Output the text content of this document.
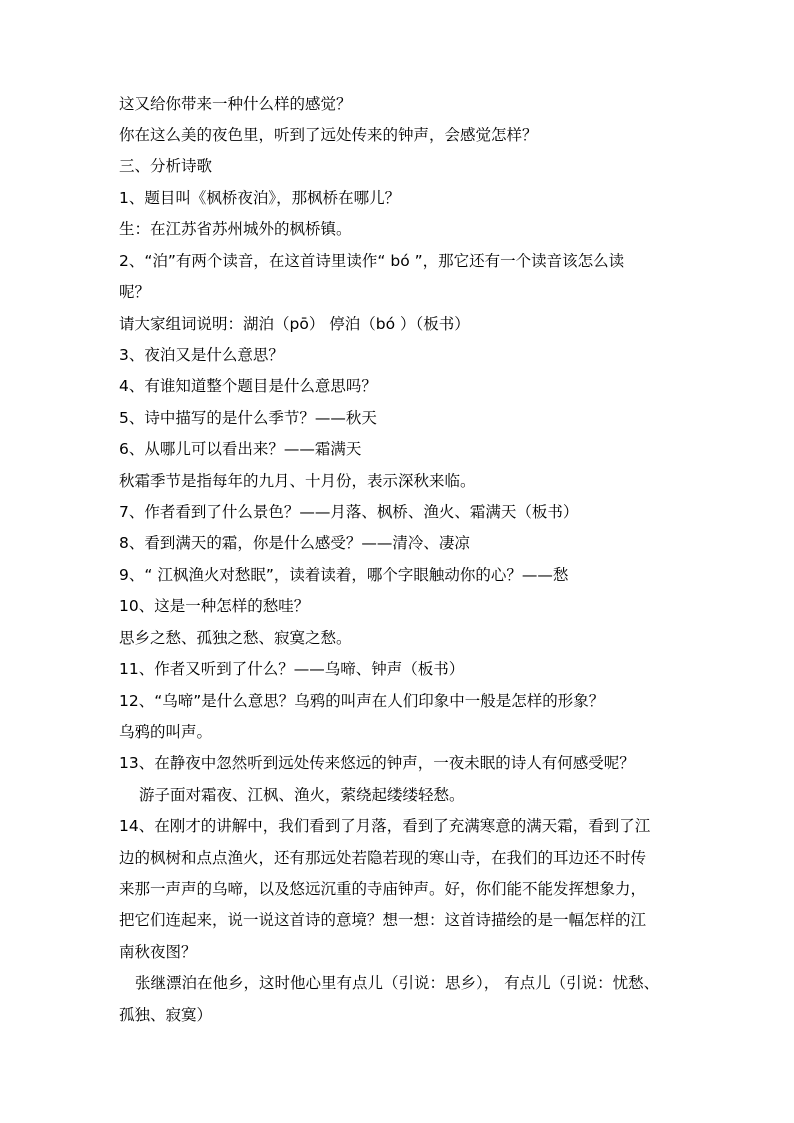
这又给你带来一种什么样的感觉？
你在这么美的夜色里，听到了远处传来的钟声，会感觉怎样？
三、分析诗歌
1、题目叫《枫桥夜泊》，那枫桥在哪儿？
生：在江苏省苏州城外的枫桥镇。
2、“泊”有两个读音，在这首诗里读作“ bó ”，那它还有一个读音该怎么读
呢？
请大家组词说明：湖泊（pō） 停泊（bó ）（板书）
3、夜泊又是什么意思？
4、有谁知道整个题目是什么意思吗？
5、诗中描写的是什么季节？——秋天
6、从哪儿可以看出来？——霜满天
秋霜季节是指每年的九月、十月份，表示深秋来临。
7、作者看到了什么景色？——月落、枫桥、渔火、霜满天（板书）
8、看到满天的霜，你是什么感受？——清冷、凄凉
9、“ 江枫渔火对愁眠”，读着读着，哪个字眼触动你的心？——愁
10、这是一种怎样的愁哇？
思乡之愁、孤独之愁、寂寞之愁。
11、作者又听到了什么？——乌啼、钟声（板书）
12、“乌啼”是什么意思？乌鸦的叫声在人们印象中一般是怎样的形象？
乌鸦的叫声。
13、在静夜中忽然听到远处传来悠远的钟声，一夜未眠的诗人有何感受呢？
游子面对霜夜、江枫、渔火，萦绕起缕缕轻愁。
14、在刚才的讲解中，我们看到了月落，看到了充满寒意的满天霜，看到了江
边的枫树和点点渔火，还有那远处若隐若现的寒山寺，在我们的耳边还不时传
来那一声声的乌啼，以及悠远沉重的寺庙钟声。好，你们能不能发挥想象力，
把它们连起来，说一说这首诗的意境？想一想：这首诗描绘的是一幅怎样的江
南秋夜图？
张继漂泊在他乡，这时他心里有点儿（引说：思乡）， 有点儿（引说：忧愁、
孤独、寂寞）
